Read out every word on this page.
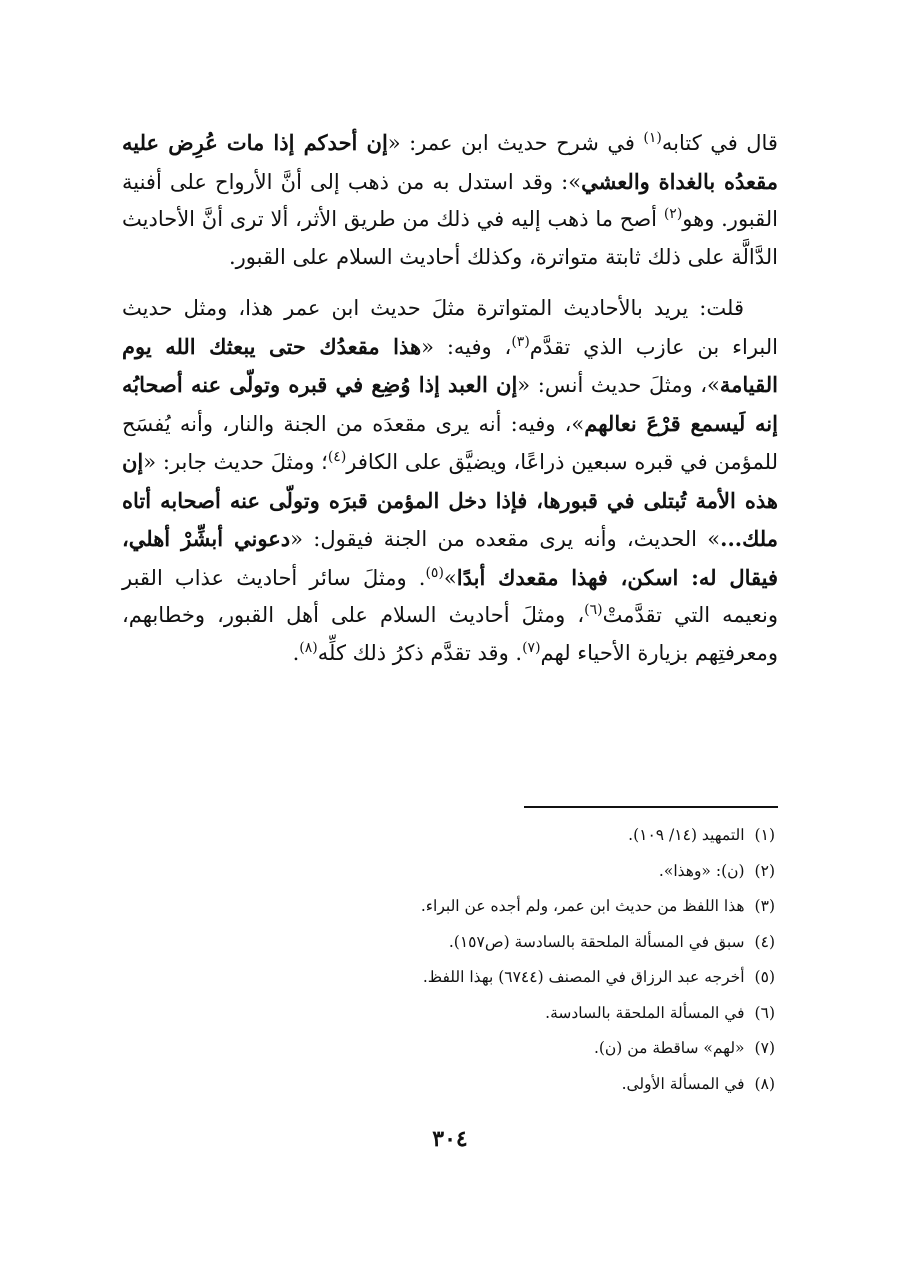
قال في كتابه$^{(١)}$ في شرح حديث ابن عمر: «إن أحدكم إذا مات عُرِض عليه مقعدُه بالغداة والعشي»: وقد استدل به من ذهب إلى أنَّ الأرواح على أفنية القبور. وهو$^{(٢)}$ أصح ما ذهب إليه في ذلك من طريق الأثر، ألا ترى أنَّ الأحاديث الدَّالَّة على ذلك ثابتة متواترة، وكذلك أحاديث السلام على القبور.

قلت: يريد بالأحاديث المتواترة مثلَ حديث ابن عمر هذا، ومثل حديث البراء بن عازب الذي تقدَّم$^{(٣)}$، وفيه: «هذا مقعدُك حتى يبعثك الله يوم القيامة»، ومثلَ حديث أنس: «إن العبد إذا وُضِع في قبره وتولّى عنه أصحابُه إنه لَيسمع قرْعَ نعالهم»، وفيه: أنه يرى مقعدَه من الجنة والنار، وأنه يُفسَح للمؤمن في قبره سبعين ذراعًا، ويضيَّق على الكافر$^{(٤)}$؛ ومثلَ حديث جابر: «إن هذه الأمة تُبتلى في قبورها، فإذا دخل المؤمن قبرَه وتولّى عنه أصحابه أتاه ملك...» الحديث، وأنه يرى مقعده من الجنة فيقول: «دعوني أبشِّرْ أهلي، فيقال له: اسكن، فهذا مقعدك أبدًا»$^{(٥)}$. ومثلَ سائر أحاديث عذاب القبر ونعيمه التي تقدَّمتْ$^{(٦)}$، ومثلَ أحاديث السلام على أهل القبور، وخطابهم، ومعرفتِهم بزيارة الأحياء لهم$^{(٧)}$. وقد تقدَّم ذكرُ ذلك كلِّه$^{(٨)}$.

(١)التمهيد (١٤/ ١٠٩).
(٢)(ن): «وهذا».
(٣)هذا اللفظ من حديث ابن عمر، ولم أجده عن البراء.
(٤)سبق في المسألة الملحقة بالسادسة (ص١٥٧).
(٥)أخرجه عبد الرزاق في المصنف (٦٧٤٤) بهذا اللفظ.
(٦)في المسألة الملحقة بالسادسة.
(٧)«لهم» ساقطة من (ن).
(٨)في المسألة الأولى.
٣٠٤
